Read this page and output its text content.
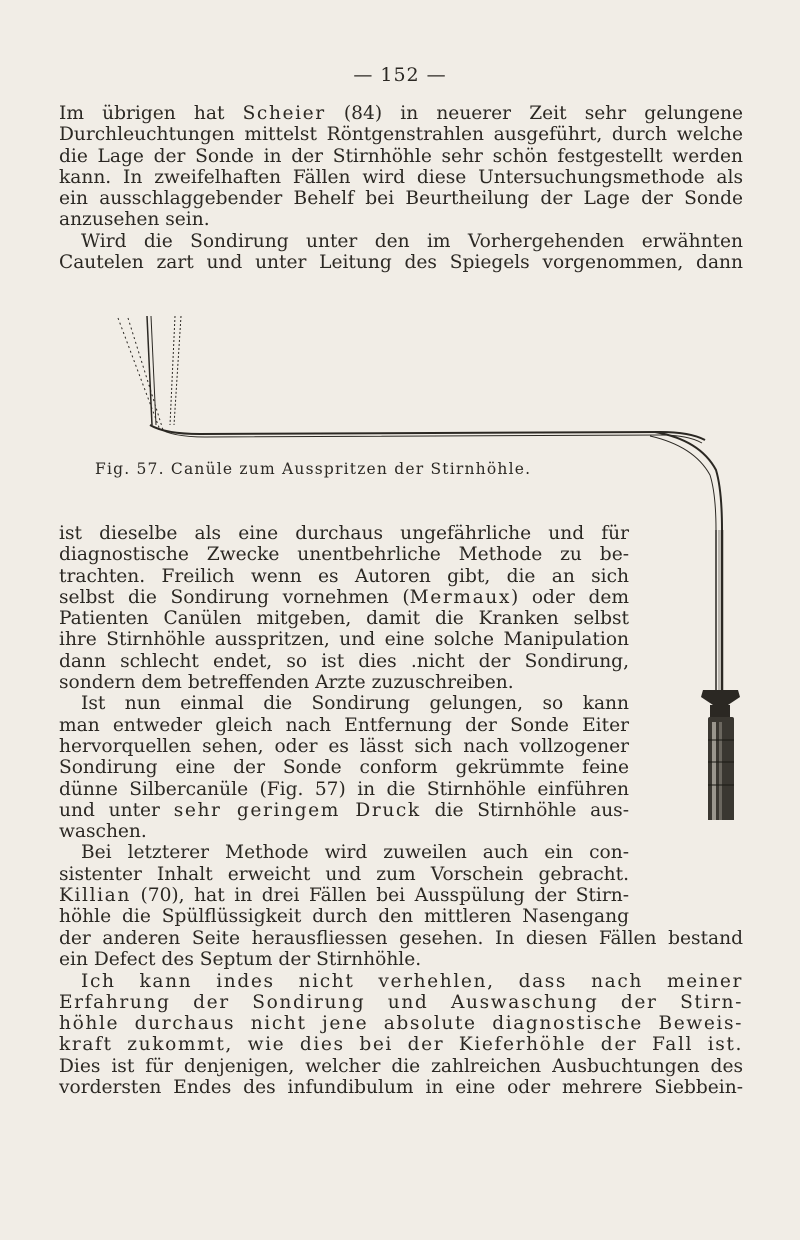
— 152 —
Im übrigen hat Scheier (84) in neuerer Zeit sehr gelungene
Durchleuchtungen mittelst Röntgenstrahlen ausgeführt, durch welche
die Lage der Sonde in der Stirnhöhle sehr schön festgestellt werden
kann. In zweifelhaften Fällen wird diese Untersuchungsmethode als
ein ausschlaggebender Behelf bei Beurtheilung der Lage der Sonde
anzusehen sein.
Wird die Sondirung unter den im Vorhergehenden erwähnten
Cautelen zart und unter Leitung des Spiegels vorgenommen, dann
Fig. 57. Canüle zum Ausspritzen der Stirnhöhle.
ist dieselbe als eine durchaus ungefährliche und für
diagnostische Zwecke unentbehrliche Methode zu be-
trachten. Freilich wenn es Autoren gibt, die an sich
selbst die Sondirung vornehmen (Mermaux) oder dem
Patienten Canülen mitgeben, damit die Kranken selbst
ihre Stirnhöhle ausspritzen, und eine solche Manipulation
dann schlecht endet, so ist dies .nicht der Sondirung,
sondern dem betreffenden Arzte zuzuschreiben.
Ist nun einmal die Sondirung gelungen, so kann
man entweder gleich nach Entfernung der Sonde Eiter
hervorquellen sehen, oder es lässt sich nach vollzogener
Sondirung eine der Sonde conform gekrümmte feine
dünne Silbercanüle (Fig. 57) in die Stirnhöhle einführen
und unter sehr geringem Druck die Stirnhöhle aus-
waschen.
Bei letzterer Methode wird zuweilen auch ein con-
sistenter Inhalt erweicht und zum Vorschein gebracht.
Killian (70), hat in drei Fällen bei Ausspülung der Stirn-
höhle die Spülflüssigkeit durch den mittleren Nasengang
der anderen Seite herausfliessen gesehen. In diesen Fällen bestand
ein Defect des Septum der Stirnhöhle.
Ich kann indes nicht verhehlen, dass nach meiner
Erfahrung der Sondirung und Auswaschung der Stirn-
höhle durchaus nicht jene absolute diagnostische Beweis-
kraft zukommt, wie dies bei der Kieferhöhle der Fall ist.
Dies ist für denjenigen, welcher die zahlreichen Ausbuchtungen des
vordersten Endes des infundibulum in eine oder mehrere Siebbein-
